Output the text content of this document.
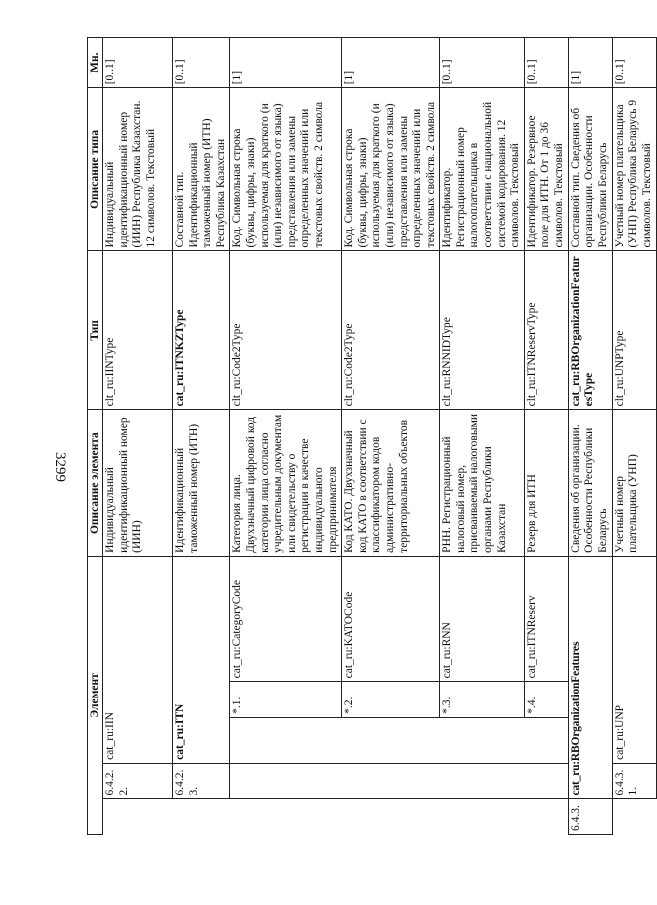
3299
Элемент					Описание элемента	Тип	Описание типа	Мн.
	6.4.2.2.	cat_ru:IIN			Индивидуальный идентификационный номер (ИИН)	clt_ru:IINType	Индивидуальный идентификационный номер (ИИН) Республика Казахстан. 12 символов. Текстовый	[0..1]
	6.4.2.3.	cat_ru:ITN			Идентификационный таможенный номер (ИТН)	cat_ru:ITNKZType	Составной тип. Идентификационный таможенный номер (ИТН) Республика Казахстан	[0..1]
			*.1.	cat_ru:CategoryCode	Категория лица. Двухзначный цифровой код категории лица согласно учредительным документам или свидетельству о регистрации в качестве индивидуального предпринимателя	clt_ru:Code2Type	Код. Символьная строка (буквы, цифры, знаки) используемая для краткого (и (или) независимого от языка) представления или замены определенных значений или текстовых свойств. 2 символа	[1]
			*.2.	cat_ru:KATOCode	Код КАТО. Двухзначный код КАТО в соответствии с классификатором кодов административно-территориальных объектов	clt_ru:Code2Type	Код. Символьная строка (буквы, цифры, знаки) используемая для краткого (и (или) независимого от языка) представления или замены определенных значений или текстовых свойств. 2 символа	[1]
			*.3.	cat_ru:RNN	РНН. Регистрационный налоговый номер, присваиваемый налоговыми органами Республики Казахстан	clt_ru:RNNIDType	Идентификатор. Регистрационный номер налогоплательщика в соответствии с национальной системой кодирования. 12 символов. Текстовый	[0..1]
			*.4.	cat_ru:ITNReserv	Резерв для ИТН	clt_ru:ITNReservType	Идентификатор. Резервное поле для ИТН. От 1 до 36 символов. Текстовый	[0..1]
6.4.3.	cat_ru:RBOrganizationFeatures				Сведения об организации. Особенности Республики Беларусь	cat_ru:RBOrganizationFeaturesType	Составной тип. Сведения об организации. Особенности Республики Беларусь	[1]
	6.4.3.1.	cat_ru:UNP			Учетный номер плательщика (УНП)	clt_ru:UNPType	Учетный номер плательщика (УНП) Республика Беларусь 9 символов. Текстовый	[0..1]
